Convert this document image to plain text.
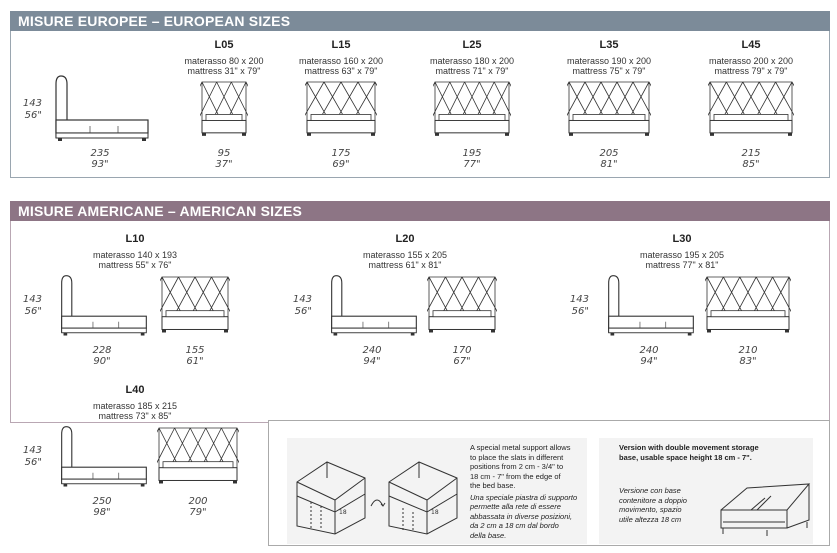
MISURE EUROPEE – EUROPEAN SIZES
143
56"
235
93"
L05
materasso 80 x 200
mattress 31" x 79"
95
37"
L15
materasso 160 x 200
mattress 63" x 79"
175
69"
L25
materasso 180 x 200
mattress 71" x 79"
195
77"
L35
materasso 190 x 200
mattress 75" x 79"
205
81"
L45
materasso 200 x 200
mattress 79" x 79"
215
85"
MISURE AMERICANE – AMERICAN SIZES
L10
materasso 140 x 193
mattress 55" x 76"
143
56"
228
90"
155
61"
L20
materasso 155 x 205
mattress 61" x 81"
143
56"
240
94"
170
67"
L30
materasso 195 x 205
mattress 77" x 81"
143
56"
240
94"
210
83"
L40
materasso 185 x 215
mattress 73" x 85"
143
56"
250
98"
200
79"	18	18
A special metal support allows
to place the slats in different
positions from 2 cm - 3/4" to
18 cm - 7" from the edge of
the bed base.
Una speciale piastra di supporto
permette alla rete di essere
abbassata in diverse posizioni,
da 2 cm a 18 cm dal bordo
della base.
Version with double movement storage
base, usable space height 18 cm - 7".
Versione con base
contenitore a doppio
movimento, spazio
utile altezza 18 cm
